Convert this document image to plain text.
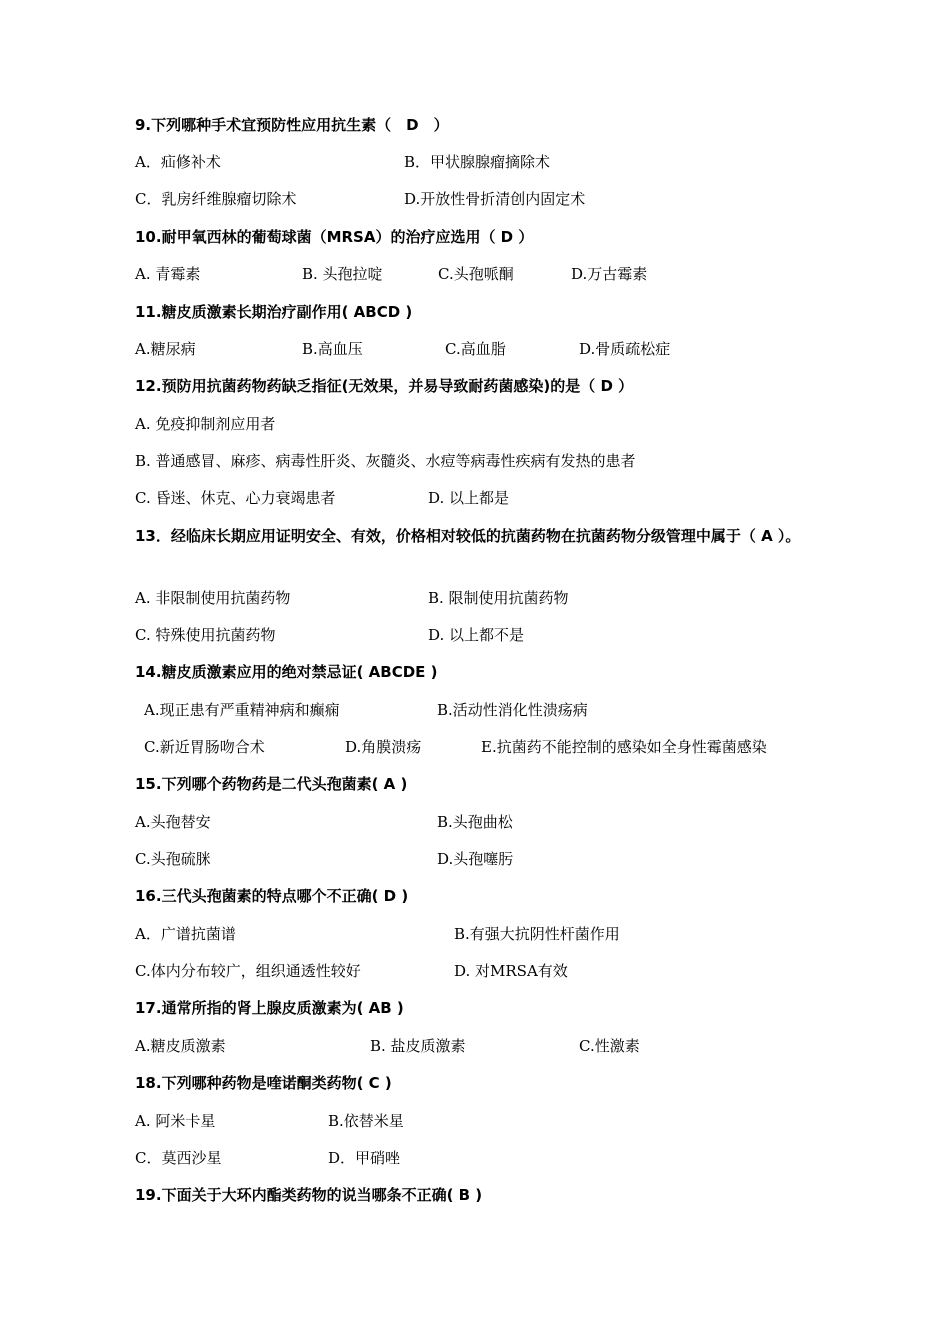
9.下列哪种手术宜预防性应用抗生素（　D　）
A．疝修补术	B．甲状腺腺瘤摘除术
C．乳房纤维腺瘤切除术	D.开放性骨折清创内固定术
10.耐甲氧西林的葡萄球菌（MRSA）的治疗应选用（ D ）
A. 青霉素	B. 头孢拉啶	C.头孢哌酮	D.万古霉素
11.糖皮质激素长期治疗副作用( ABCD )
A.糖尿病	B.高血压	C.高血脂	D.骨质疏松症
12.预防用抗菌药物药缺乏指征(无效果，并易导致耐药菌感染)的是（ D ）
A. 免疫抑制剂应用者
B. 普通感冒、麻疹、病毒性肝炎、灰髓炎、水痘等病毒性疾病有发热的患者
C. 昏迷、休克、心力衰竭患者	D. 以上都是
13．经临床长期应用证明安全、有效，价格相对较低的抗菌药物在抗菌药物分级管理中属于（ A ）。
A. 非限制使用抗菌药物	B. 限制使用抗菌药物
C. 特殊使用抗菌药物	D. 以上都不是
14.糖皮质激素应用的绝对禁忌证( ABCDE )
A.现正患有严重精神病和癫痫	B.活动性消化性溃疡病
C.新近胃肠吻合术	D.角膜溃疡	E.抗菌药不能控制的感染如全身性霉菌感染
15.下列哪个药物药是二代头孢菌素( A )
A.头孢替安	B.头孢曲松
C.头孢硫脒	D.头孢噻肟
16.三代头孢菌素的特点哪个不正确( D )
A．广谱抗菌谱	B.有强大抗阴性杆菌作用
C.体内分布较广，组织通透性较好	D. 对MRSA有效
17.通常所指的肾上腺皮质激素为( AB )
A.糖皮质激素	B. 盐皮质激素	C.性激素
18.下列哪种药物是喹诺酮类药物( C )
A. 阿米卡星	B.依替米星
C．莫西沙星	D．甲硝唑
19.下面关于大环内酯类药物的说当哪条不正确( B )
